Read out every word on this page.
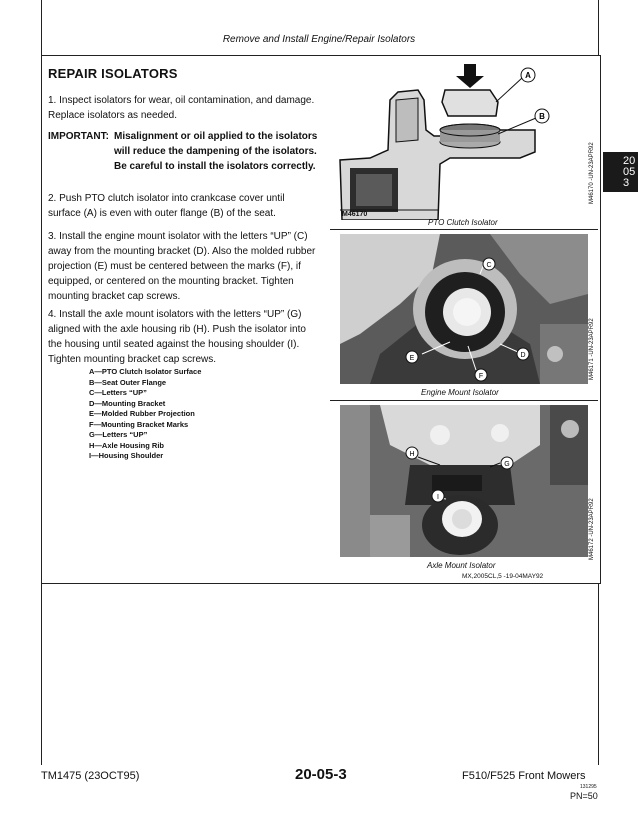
Remove and Install Engine/Repair Isolators
REPAIR ISOLATORS
1. Inspect isolators for wear, oil contamination, and damage. Replace isolators as needed.
IMPORTANT: Misalignment or oil applied to the isolators will reduce the dampening of the isolators. Be careful to install the isolators correctly.
2. Push PTO clutch isolator into crankcase cover until surface (A) is even with outer flange (B) of the seat.
3. Install the engine mount isolator with the letters “UP” (C) away from the mounting bracket (D). Also the molded rubber projection (E) must be centered between the marks (F), if equipped, or centered on the mounting bracket. Tighten mounting bracket cap screws.
4. Install the axle mount isolators with the letters “UP” (G) aligned with the axle housing rib (H). Push the isolator into the housing until seated against the housing shoulder (I). Tighten mounting bracket cap screws.
A—PTO Clutch Isolator Surface
B—Seat Outer Flange
C—Letters “UP”
D—Mounting Bracket
E—Molded Rubber Projection
F—Mounting Bracket Marks
G—Letters “UP”
H—Axle Housing Rib
I—Housing Shoulder
A
B
M46170
PTO Clutch Isolator
M46170 -UN-23APR92
C
D
E
F
Engine Mount Isolator
M46171 -UN-23APR92
H
G
I
Axle Mount Isolator
M46172 -UN-23APR92
MX,2005CL,5 -19-04MAY92
20
05
3
TM1475 (23OCT95)	20-05-3	F510/F525 Front Mowers
131295
PN=50
